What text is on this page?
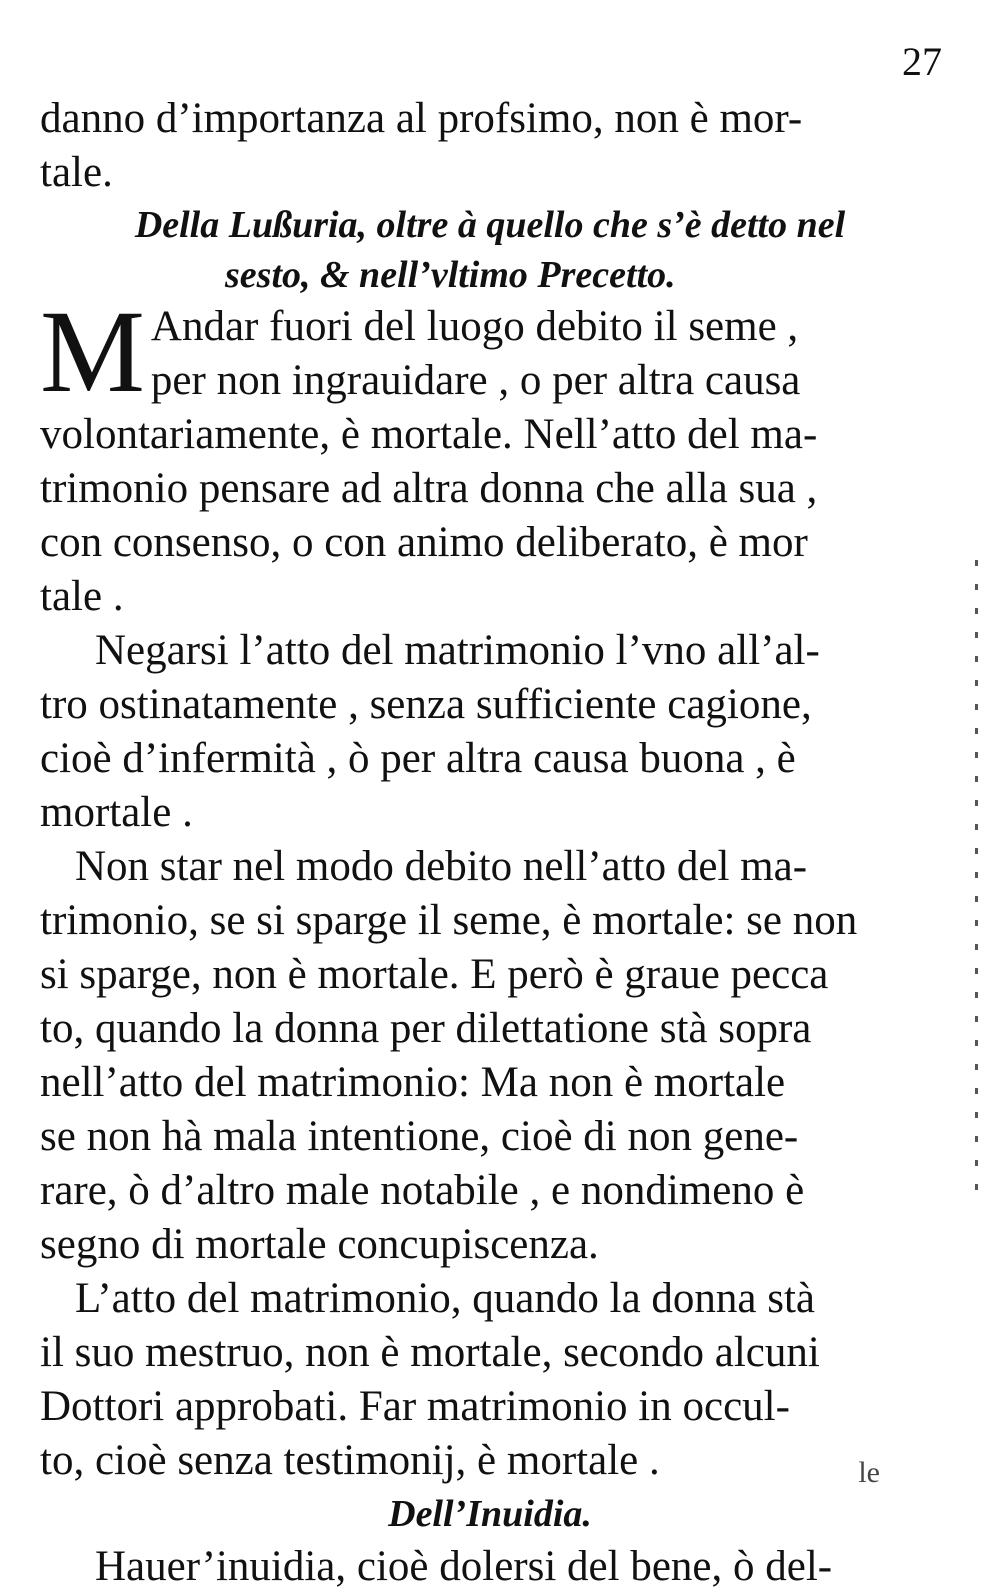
27
danno d’importanza al profsimo, non è mor-
tale.
Della Lußuria, oltre à quello che s’è detto nel
sesto, & nell’vltimo Precetto.
M Andar fuori del luogo debito il seme ,
per non ingrauidare , o per altra causa
volontariamente, è mortale. Nell’atto del ma-
trimonio pensare ad altra donna che alla sua ,
con consenso, o con animo deliberato, è mor
tale .
Negarsi l’atto del matrimonio l’vno all’al-
tro ostinatamente , senza sufficiente cagione,
cioè d’infermità , ò per altra causa buona , è
mortale .
Non star nel modo debito nell’atto del ma-
trimonio, se si sparge il seme, è mortale: se non
si sparge, non è mortale. E però è graue pecca
to, quando la donna per dilettatione stà sopra
nell’atto del matrimonio: Ma non è mortale
se non hà mala intentione, cioè di non gene-
rare, ò d’altro male notabile , e nondimeno è
segno di mortale concupiscenza.
L’atto del matrimonio, quando la donna stà
il suo mestruo, non è mortale, secondo alcuni
Dottori approbati. Far matrimonio in occul-
to, cioè senza testimonij, è mortale .
Dell’Inuidia.
Hauer’inuidia, cioè dolersi del bene, ò del-
le
